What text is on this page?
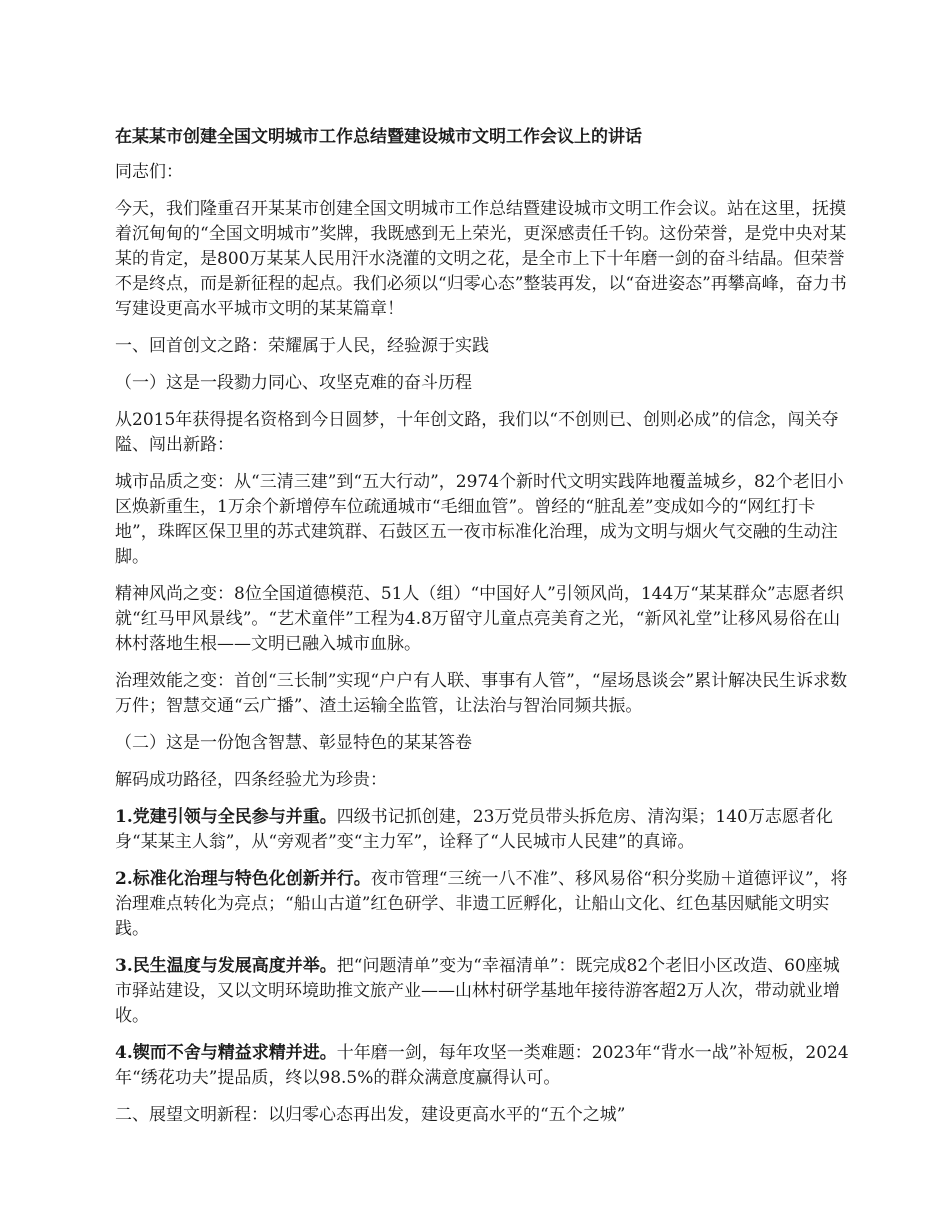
在某某市创建全国文明城市工作总结暨建设城市文明工作会议上的讲话
同志们：
今天，我们隆重召开某某市创建全国文明城市工作总结暨建设城市文明工作会议。站在这里，抚摸着沉甸甸的“全国文明城市”奖牌，我既感到无上荣光，更深感责任千钧。这份荣誉，是党中央对某某的肯定，是800万某某人民用汗水浇灌的文明之花，是全市上下十年磨一剑的奋斗结晶。但荣誉不是终点，而是新征程的起点。我们必须以“归零心态”整装再发，以“奋进姿态”再攀高峰，奋力书写建设更高水平城市文明的某某篇章！
一、回首创文之路：荣耀属于人民，经验源于实践
（一）这是一段勠力同心、攻坚克难的奋斗历程
从2015年获得提名资格到今日圆梦，十年创文路，我们以“不创则已、创则必成”的信念，闯关夺隘、闯出新路：
城市品质之变：从“三清三建”到“五大行动”，2974个新时代文明实践阵地覆盖城乡，82个老旧小区焕新重生，1万余个新增停车位疏通城市“毛细血管”。曾经的“脏乱差”变成如今的“网红打卡地”，珠晖区保卫里的苏式建筑群、石鼓区五一夜市标准化治理，成为文明与烟火气交融的生动注脚。
精神风尚之变：8位全国道德模范、51人（组）“中国好人”引领风尚，144万“某某群众”志愿者织就“红马甲风景线”。“艺术童伴”工程为4.8万留守儿童点亮美育之光，“新风礼堂”让移风易俗在山林村落地生根——文明已融入城市血脉。
治理效能之变：首创“三长制”实现“户户有人联、事事有人管”，“屋场恳谈会”累计解决民生诉求数万件；智慧交通“云广播”、渣土运输全监管，让法治与智治同频共振。
（二）这是一份饱含智慧、彰显特色的某某答卷
解码成功路径，四条经验尤为珍贵：
1.党建引领与全民参与并重。四级书记抓创建，23万党员带头拆危房、清沟渠；140万志愿者化身“某某主人翁”，从“旁观者”变“主力军”，诠释了“人民城市人民建”的真谛。
2.标准化治理与特色化创新并行。夜市管理“三统一八不准”、移风易俗“积分奖励＋道德评议”，将治理难点转化为亮点；“船山古道”红色研学、非遗工匠孵化，让船山文化、红色基因赋能文明实践。
3.民生温度与发展高度并举。把“问题清单”变为“幸福清单”：既完成82个老旧小区改造、60座城市驿站建设，又以文明环境助推文旅产业——山林村研学基地年接待游客超2万人次，带动就业增收。
4.锲而不舍与精益求精并进。十年磨一剑，每年攻坚一类难题：2023年“背水一战”补短板，2024年“绣花功夫”提品质，终以98.5%的群众满意度赢得认可。
二、展望文明新程：以归零心态再出发，建设更高水平的“五个之城”
